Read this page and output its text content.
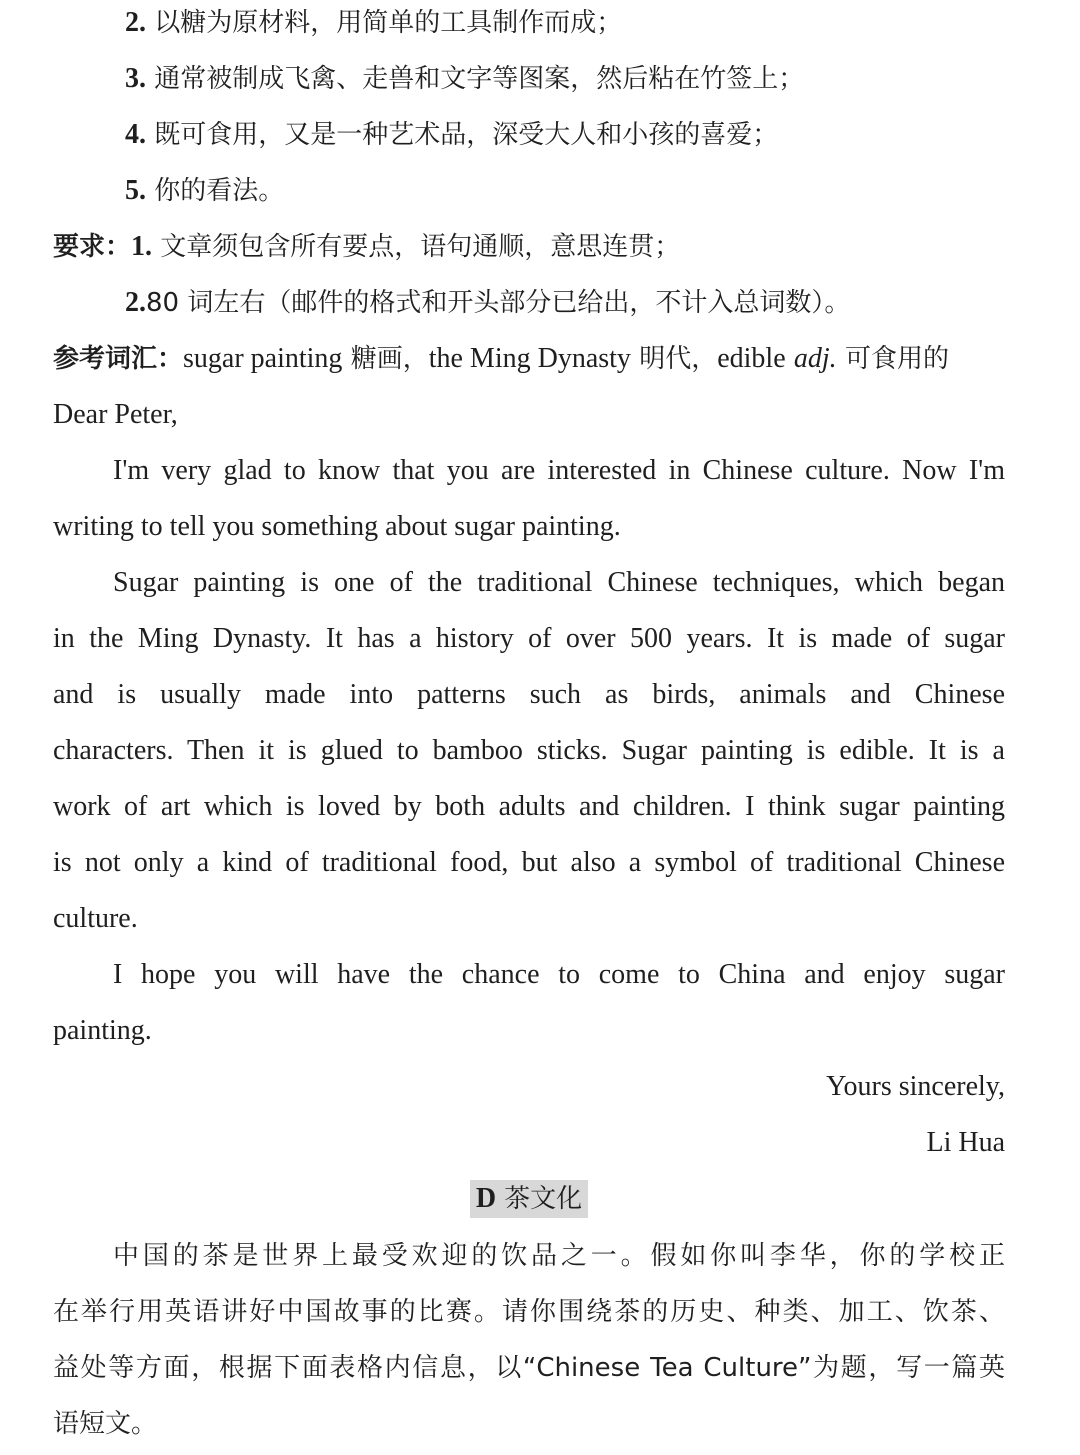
2. 以糖为原材料，用简单的工具制作而成；
3. 通常被制成飞禽、走兽和文字等图案，然后粘在竹签上；
4. 既可食用，又是一种艺术品，深受大人和小孩的喜爱；
5. 你的看法。
要求：1. 文章须包含所有要点，语句通顺，意思连贯；
2.80 词左右（邮件的格式和开头部分已给出，不计入总词数）。
参考词汇：sugar painting 糖画，the Ming Dynasty 明代，edible adj. 可食用的
Dear Peter,
I'm very glad to know that you are interested in Chinese culture. Now I'm
writing to tell you something about sugar painting.
Sugar painting is one of the traditional Chinese techniques, which began
in the Ming Dynasty. It has a history of over 500 years. It is made of sugar
and is usually made into patterns such as birds, animals and Chinese
characters. Then it is glued to bamboo sticks. Sugar painting is edible. It is a
work of art which is loved by both adults and children. I think sugar painting
is not only a kind of traditional food, but also a symbol of traditional Chinese
culture.
I hope you will have the chance to come to China and enjoy sugar
painting.
Yours sincerely,
Li Hua
D 茶文化
中国的茶是世界上最受欢迎的饮品之一。假如你叫李华，你的学校正
在举行用英语讲好中国故事的比赛。请你围绕茶的历史、种类、加工、饮茶、
益处等方面，根据下面表格内信息，以“Chinese Tea Culture”为题，写一篇英
语短文。
